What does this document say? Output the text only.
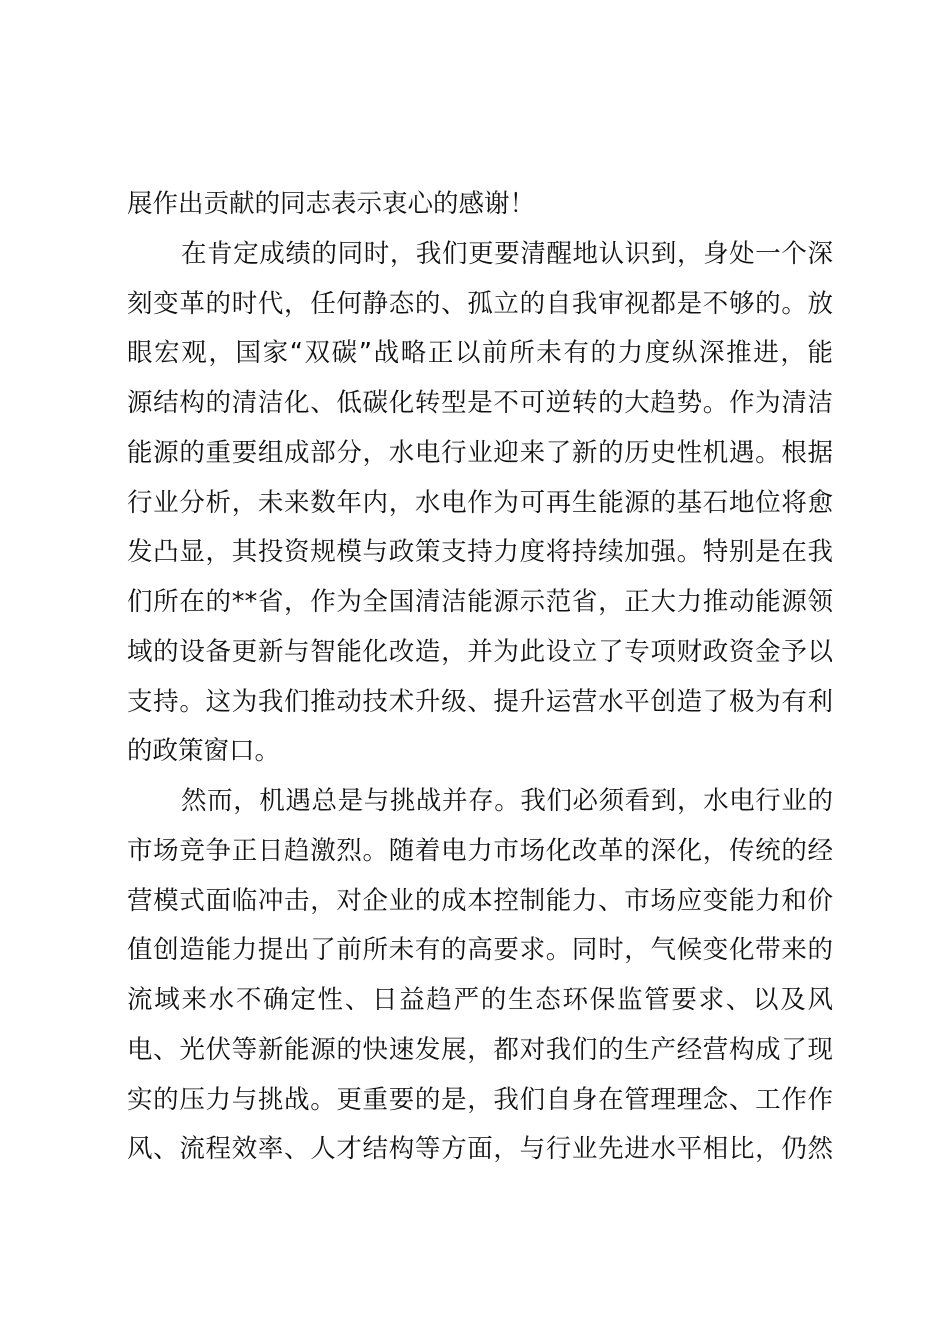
展作出贡献的同志表示衷心的感谢！
在肯定成绩的同时，我们更要清醒地认识到，身处一个深
刻变革的时代，任何静态的、孤立的自我审视都是不够的。放
眼宏观，国家“双碳”战略正以前所未有的力度纵深推进，能
源结构的清洁化、低碳化转型是不可逆转的大趋势。作为清洁
能源的重要组成部分，水电行业迎来了新的历史性机遇。根据
行业分析，未来数年内，水电作为可再生能源的基石地位将愈
发凸显，其投资规模与政策支持力度将持续加强。特别是在我
们所在的**省，作为全国清洁能源示范省，正大力推动能源领
域的设备更新与智能化改造，并为此设立了专项财政资金予以
支持。这为我们推动技术升级、提升运营水平创造了极为有利
的政策窗口。
然而，机遇总是与挑战并存。我们必须看到，水电行业的
市场竞争正日趋激烈。随着电力市场化改革的深化，传统的经
营模式面临冲击，对企业的成本控制能力、市场应变能力和价
值创造能力提出了前所未有的高要求。同时，气候变化带来的
流域来水不确定性、日益趋严的生态环保监管要求、以及风
电、光伏等新能源的快速发展，都对我们的生产经营构成了现
实的压力与挑战。更重要的是，我们自身在管理理念、工作作
风、流程效率、人才结构等方面，与行业先进水平相比，仍然
